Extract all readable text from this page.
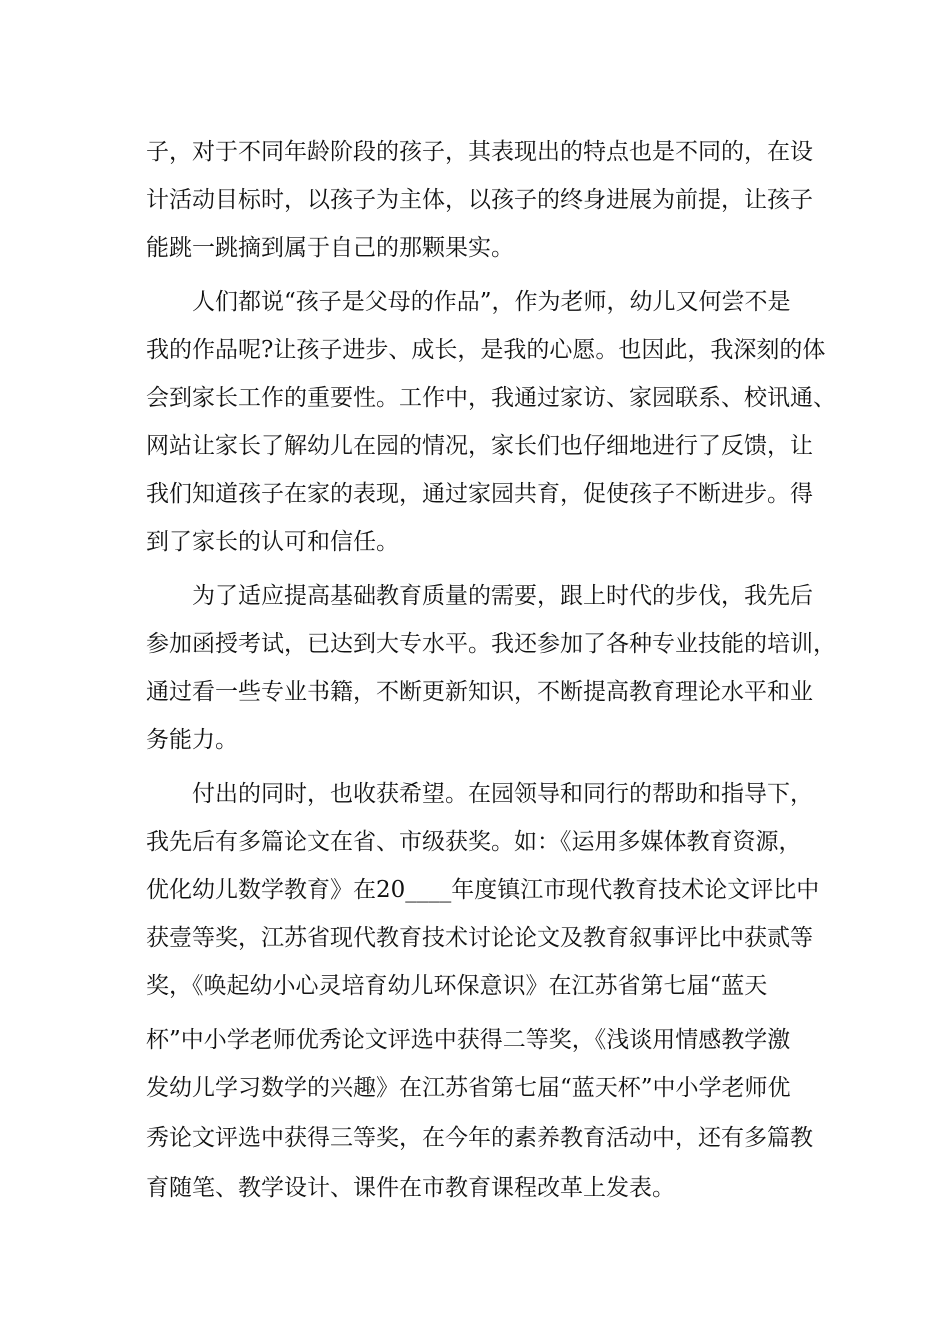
子，对于不同年龄阶段的孩子，其表现出的特点也是不同的，在设
计活动目标时，以孩子为主体，以孩子的终身进展为前提，让孩子
能跳一跳摘到属于自己的那颗果实。
人们都说“孩子是父母的作品”，作为老师，幼儿又何尝不是
我的作品呢?让孩子进步、成长，是我的心愿。也因此，我深刻的体
会到家长工作的重要性。工作中，我通过家访、家园联系、校讯通、
网站让家长了解幼儿在园的情况，家长们也仔细地进行了反馈，让
我们知道孩子在家的表现，通过家园共育，促使孩子不断进步。得
到了家长的认可和信任。
为了适应提高基础教育质量的需要，跟上时代的步伐，我先后
参加函授考试，已达到大专水平。我还参加了各种专业技能的培训，
通过看一些专业书籍，不断更新知识，不断提高教育理论水平和业
务能力。
付出的同时，也收获希望。在园领导和同行的帮助和指导下，
我先后有多篇论文在省、市级获奖。如：《运用多媒体教育资源，
优化幼儿数学教育》在20____年度镇江市现代教育技术论文评比中
获壹等奖，江苏省现代教育技术讨论论文及教育叙事评比中获贰等
奖，《唤起幼小心灵培育幼儿环保意识》在江苏省第七届“蓝天
杯”中小学老师优秀论文评选中获得二等奖，《浅谈用情感教学激
发幼儿学习数学的兴趣》在江苏省第七届“蓝天杯”中小学老师优
秀论文评选中获得三等奖，在今年的素养教育活动中，还有多篇教
育随笔、教学设计、课件在市教育课程改革上发表。
